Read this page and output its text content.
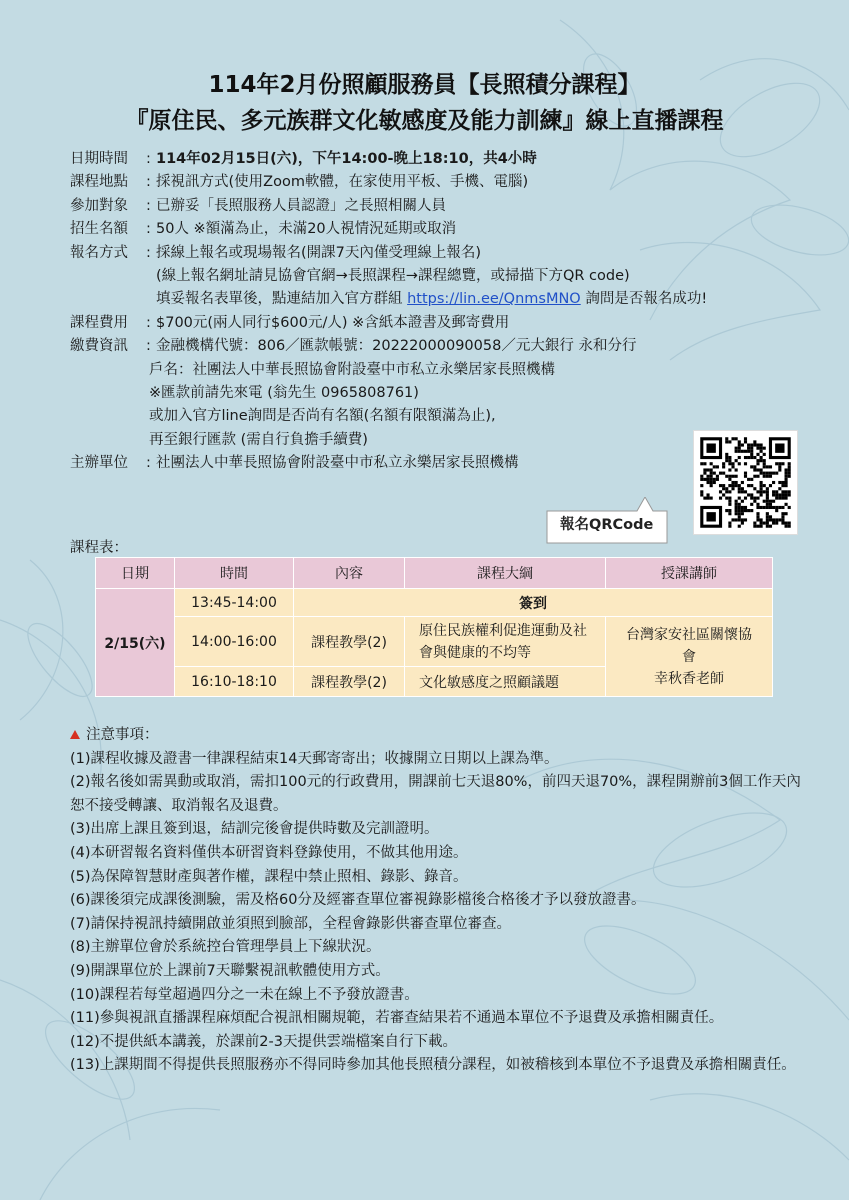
114年2月份照顧服務員【長照積分課程】
『原住民、多元族群文化敏感度及能力訓練』線上直播課程
日期時間 : 114年02月15日(六)，下午14:00-晚上18:10，共4小時
課程地點 : 採視訊方式(使用Zoom軟體，在家使用平板、手機、電腦)
參加對象 : 已辦妥「長照服務人員認證」之長照相關人員
招生名額 : 50人 ※額滿為止，未滿20人視情況延期或取消
報名方式 : 採線上報名或現場報名(開課7天內僅受理線上報名)
(線上報名網址請見協會官網→長照課程→課程總覽，或掃描下方QR code)
填妥報名表單後，點連結加入官方群組 https://lin.ee/QnmsMNO 詢問是否報名成功!
課程費用 : $700元(兩人同行$600元/人) ※含紙本證書及郵寄費用
繳費資訊 : 金融機構代號：806／匯款帳號：20222000090058／元大銀行 永和分行
戶名：社團法人中華長照協會附設臺中市私立永樂居家長照機構
※匯款前請先來電 (翁先生 0965808761)
或加入官方line詢問是否尚有名額(名額有限額滿為止),
再至銀行匯款 (需自行負擔手續費)
主辦單位 : 社團法人中華長照協會附設臺中市私立永樂居家長照機構
報名QRCode
課程表：
日期	時間	內容	課程大綱	授課講師
2/15(六)	13:45-14:00	簽到		
	14:00-16:00	課程教學(2)	原住民族權利促進運動及社會與健康的不均等	台灣家安社區關懷協會
幸秋香老師

	16:10-18:10	課程教學(2)	文化敏感度之照顧議題	
注意事項：
(1)課程收據及證書一律課程結束14天郵寄寄出；收據開立日期以上課為準。
(2)報名後如需異動或取消，需扣100元的行政費用，開課前七天退80%，前四天退70%，課程開辦前3個工作天內恕不接受轉讓、取消報名及退費。
(3)出席上課且簽到退，結訓完後會提供時數及完訓證明。
(4)本研習報名資料僅供本研習資料登錄使用，不做其他用途。
(5)為保障智慧財產與著作權，課程中禁止照相、錄影、錄音。
(6)課後須完成課後測驗，需及格60分及經審查單位審視錄影檔後合格後才予以發放證書。
(7)請保持視訊持續開啟並須照到臉部，全程會錄影供審查單位審查。
(8)主辦單位會於系統控台管理學員上下線狀況。
(9)開課單位於上課前7天聯繫視訊軟體使用方式。
(10)課程若每堂超過四分之一未在線上不予發放證書。
(11)參與視訊直播課程麻煩配合視訊相關規範，若審查結果若不通過本單位不予退費及承擔相關責任。
(12)不提供紙本講義，於課前2-3天提供雲端檔案自行下載。
(13)上課期間不得提供長照服務亦不得同時參加其他長照積分課程，如被稽核到本單位不予退費及承擔相關責任。
